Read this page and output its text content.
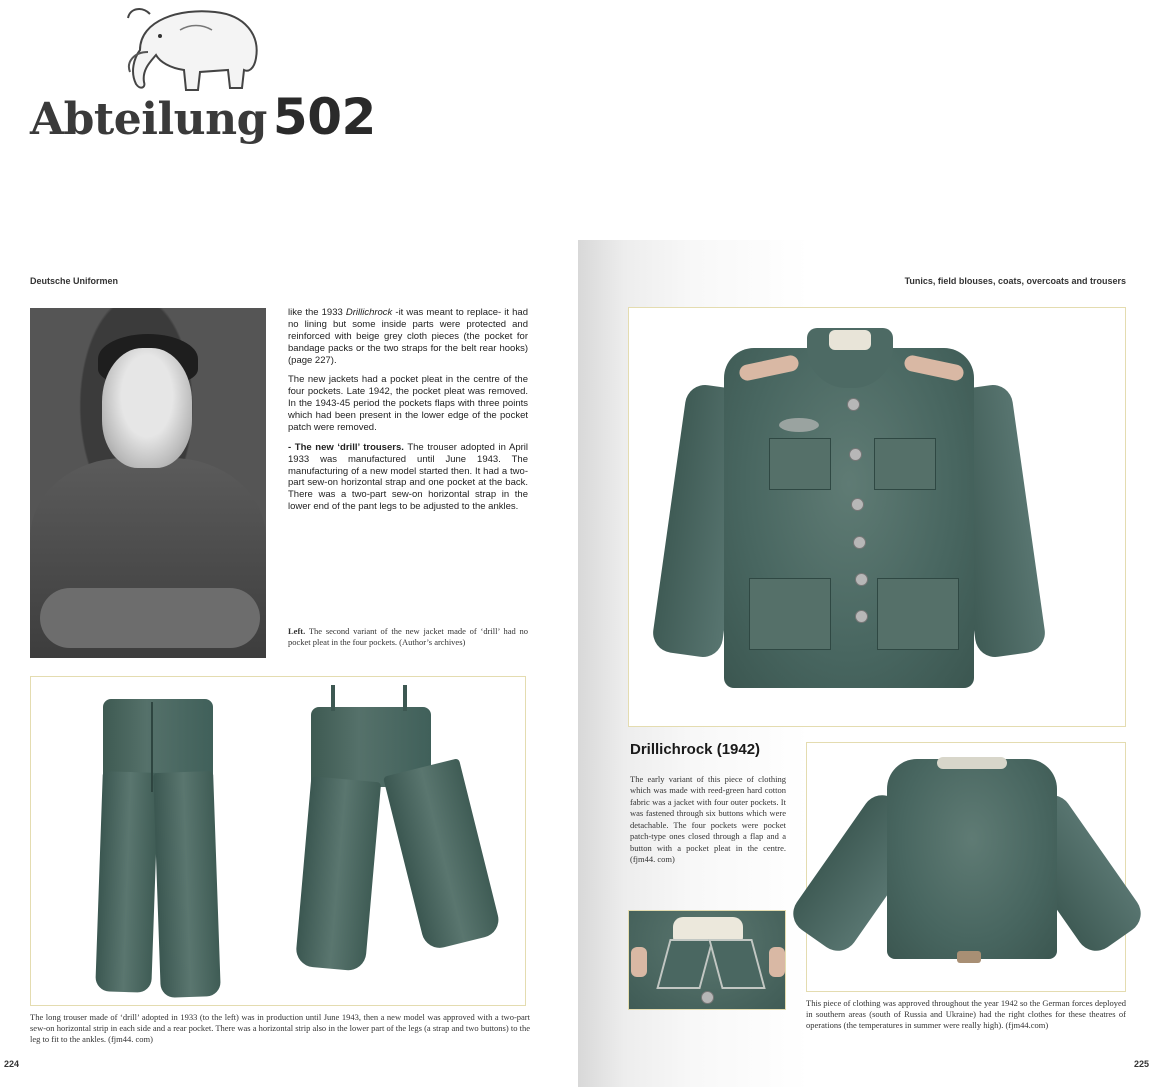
Abteilung 502
Deutsche Uniformen

like the 1933 Drillichrock -it was meant to replace- it had no lining but some inside parts were protected and reinforced with beige grey cloth pieces (the pocket for bandage packs or the two straps for the belt rear hooks) (page 227).

The new jackets had a pocket pleat in the centre of the four pockets. Late 1942, the pocket pleat was removed. In the 1943-45 period the pockets flaps with three points which had been present in the lower edge of the pocket patch were removed.

- The new ‘drill’ trousers. The trouser adopted in April 1933 was manufactured until June 1943. The manufacturing of a new model started then. It had a two-part sew-on horizontal strap and one pocket at the back. There was a two-part sew-on horizontal strap in the lower end of the pant legs to be adjusted to the ankles.

Left. The second variant of the new jacket made of ‘drill’ had no pocket pleat in the four pockets. (Author’s archives)
The long trouser made of ‘drill’ adopted in 1933 (to the left) was in production until June 1943, then a new model was approved with a two-part sew-on horizontal strip in each side and a rear pocket. There was a horizontal strip also in the lower part of the legs (a strap and two buttons) to the leg to fit to the ankles. (fjm44. com)
224
Tunics, field blouses, coats, overcoats and trousers
Drillichrock (1942)
The early variant of this piece of clothing which was made with reed-green hard cotton fabric was a jacket with four outer pockets. It was fastened through six buttons which were detachable. The four pockets were pocket patch-type ones closed through a flap and a button with a pocket pleat in the centre. (fjm44. com)
This piece of clothing was approved throughout the year 1942 so the German forces deployed in southern areas (south of Russia and Ukraine) had the right clothes for these theatres of operations (the temperatures in summer were really high). (fjm44.com)
225
